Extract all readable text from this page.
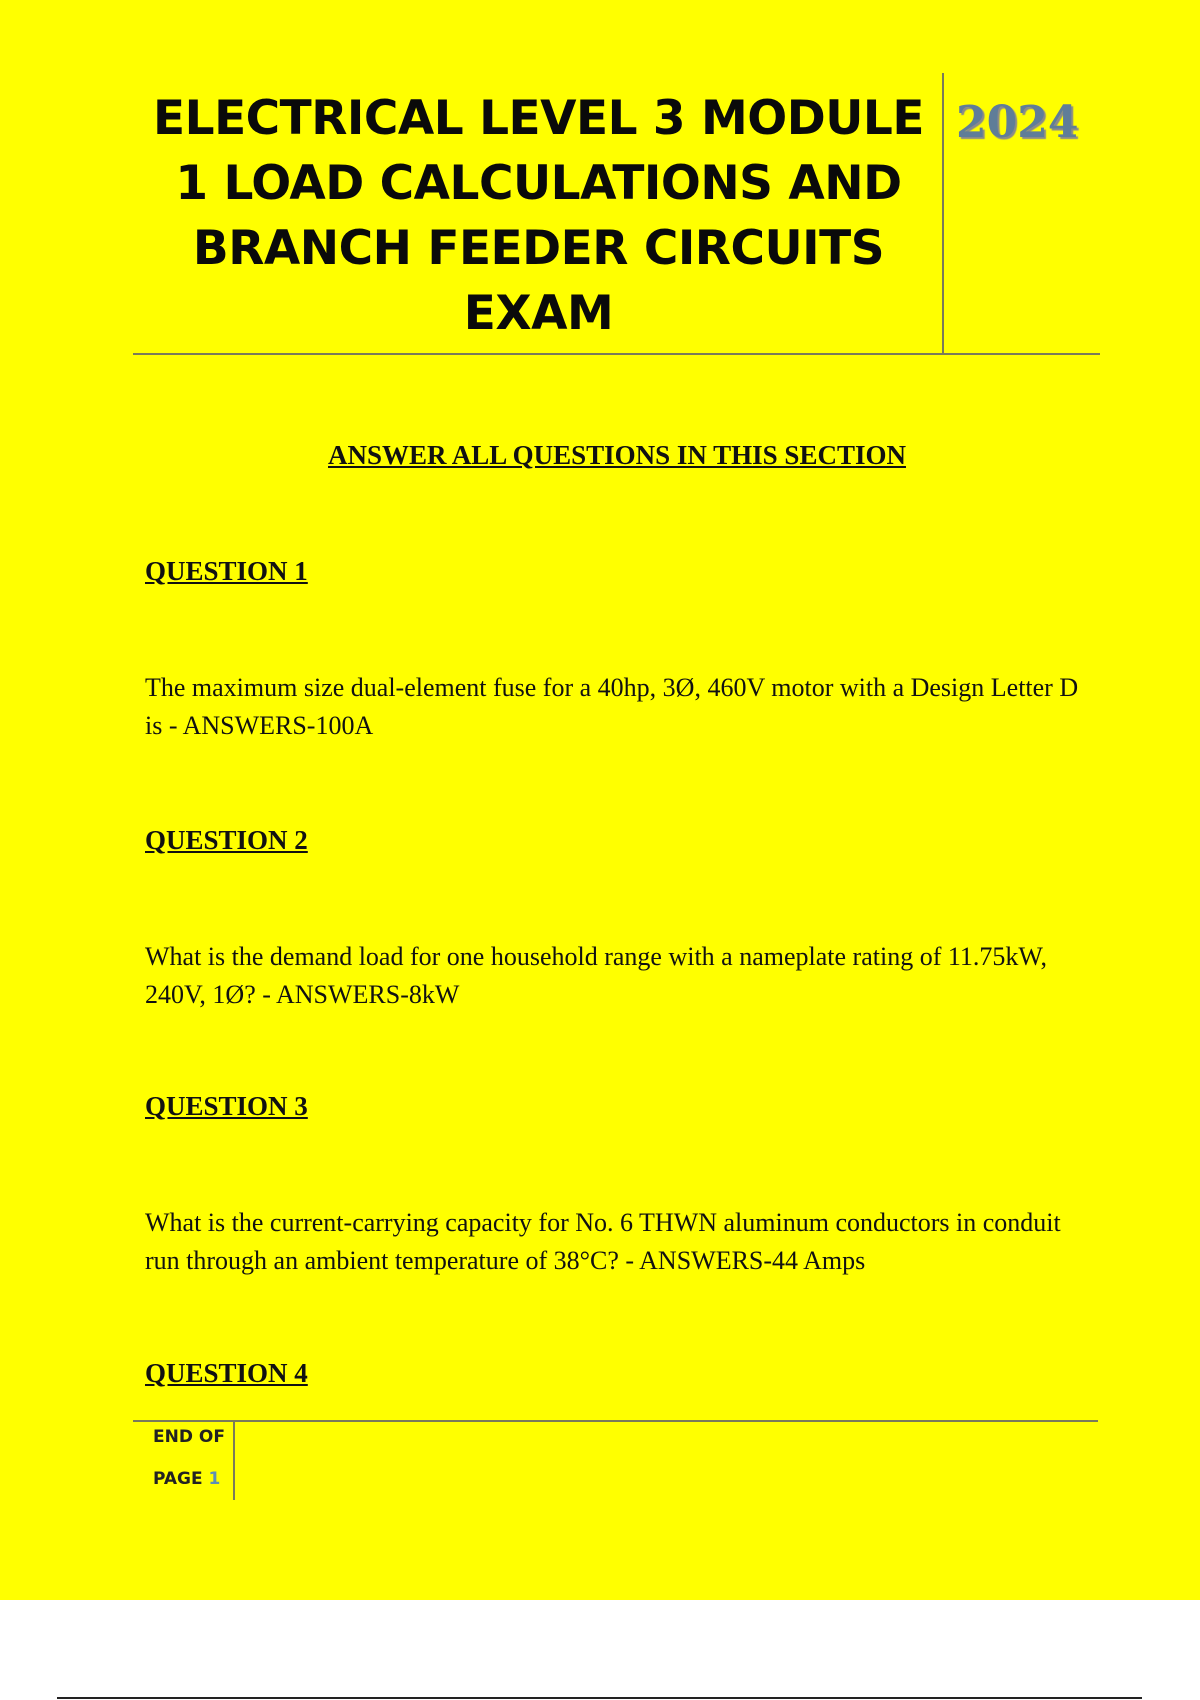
ELECTRICAL LEVEL 3 MODULE 1 LOAD CALCULATIONS AND BRANCH FEEDER CIRCUITS EXAM
2024
ANSWER ALL QUESTIONS IN THIS SECTION
QUESTION 1
The maximum size dual-element fuse for a 40hp, 3Ø, 460V motor with a Design Letter D is - ANSWERS-100A
QUESTION 2
What is the demand load for one household range with a nameplate rating of 11.75kW, 240V, 1Ø? - ANSWERS-8kW
QUESTION 3
What is the current-carrying capacity for No. 6 THWN aluminum conductors in conduit run through an ambient temperature of 38°C? - ANSWERS-44 Amps
QUESTION 4
END OF
PAGE 1
